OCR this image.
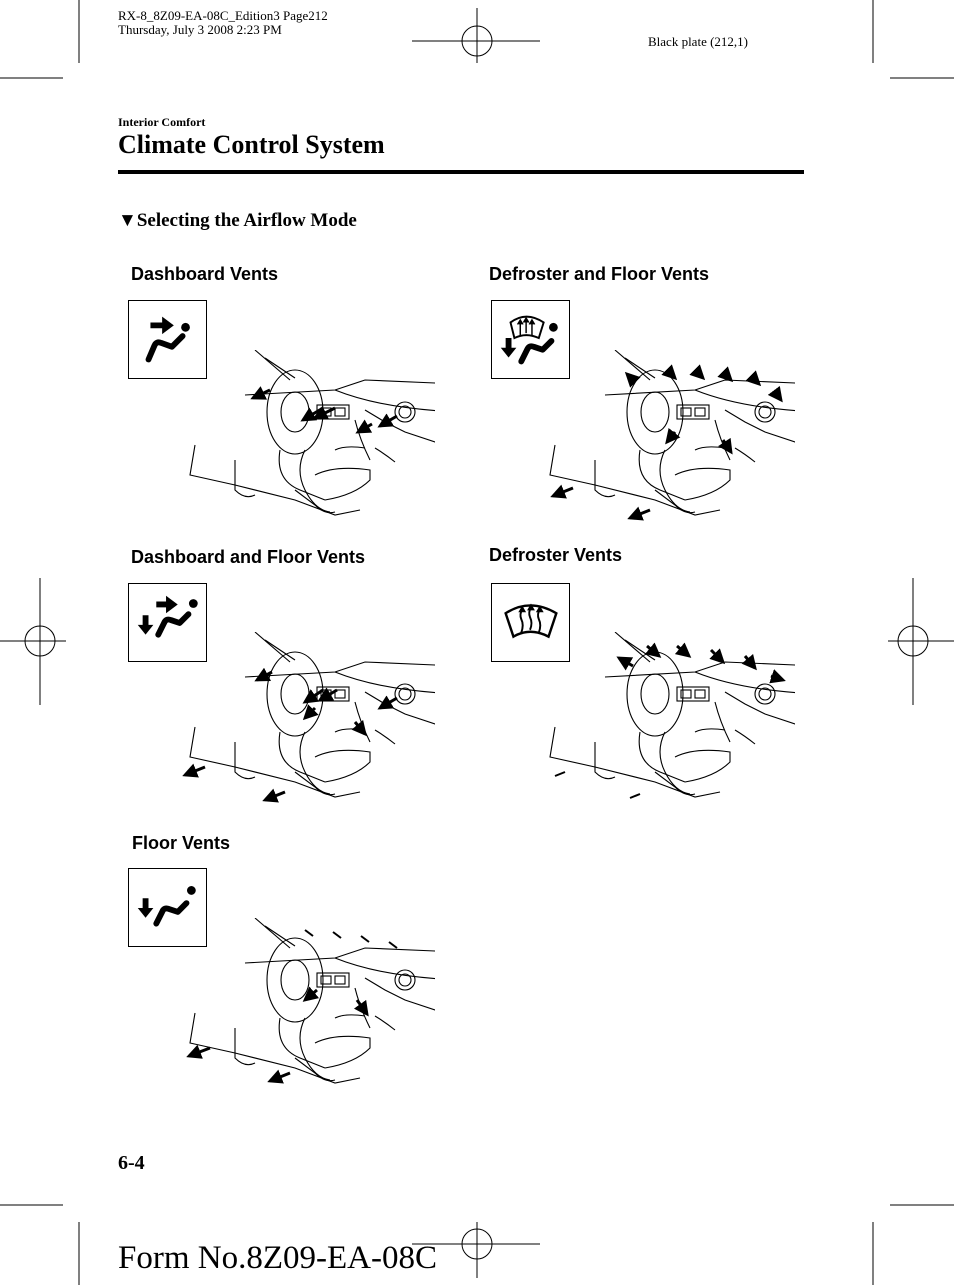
RX-8_8Z09-EA-08C_Edition3 Page212
Thursday, July 3 2008 2:23 PM
Black plate (212,1)
Interior Comfort
Climate Control System
▼Selecting the Airflow Mode
Dashboard Vents	Defroster and Floor Vents
Dashboard and Floor Vents	Defroster Vents
Floor Vents
6-4
Form No.8Z09-EA-08C
